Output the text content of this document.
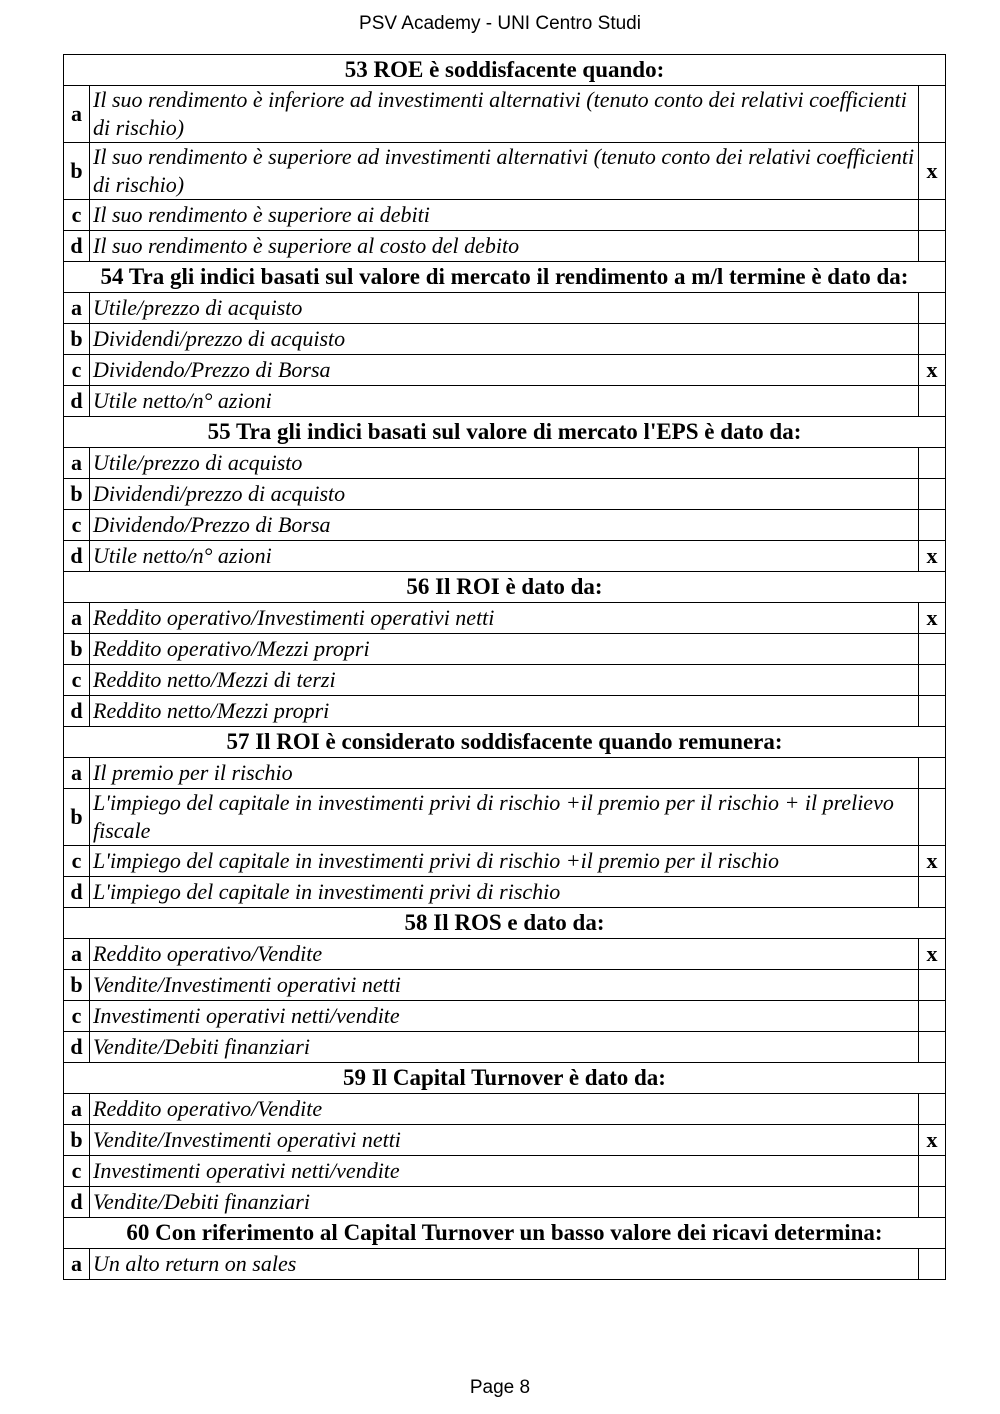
PSV Academy - UNI Centro Studi
53 ROE è soddisfacente quando:		
a	Il suo rendimento è inferiore ad investimenti alternativi (tenuto conto dei relativi coefficienti di rischio)	
b	Il suo rendimento è superiore ad investimenti alternativi (tenuto conto dei relativi coefficienti di rischio)	x
c	Il suo rendimento è superiore ai debiti	
d	Il suo rendimento è superiore al costo del debito	
54 Tra gli indici basati sul valore di mercato il rendimento a m/l termine è dato da:		
a	Utile/prezzo di acquisto	
b	Dividendi/prezzo di acquisto	
c	Dividendo/Prezzo di Borsa	x
d	Utile netto/n° azioni	
55 Tra gli indici basati sul valore di mercato l'EPS è dato da:		
a	Utile/prezzo di acquisto	
b	Dividendi/prezzo di acquisto	
c	Dividendo/Prezzo di Borsa	
d	Utile netto/n° azioni	x
56 Il ROI è dato da:		
a	Reddito operativo/Investimenti operativi netti	x
b	Reddito operativo/Mezzi propri	
c	Reddito netto/Mezzi di terzi	
d	Reddito netto/Mezzi propri	
57 Il ROI è considerato soddisfacente quando remunera:		
a	Il premio per il rischio	
b	L'impiego del capitale in investimenti privi di rischio +il premio per il rischio + il prelievo fiscale	
c	L'impiego del capitale in investimenti privi di rischio +il premio per il rischio	x
d	L'impiego del capitale in investimenti privi di rischio	
58 Il ROS e dato da:		
a	Reddito operativo/Vendite	x
b	Vendite/Investimenti operativi netti	
c	Investimenti operativi netti/vendite	
d	Vendite/Debiti finanziari	
59 Il Capital Turnover è dato da:		
a	Reddito operativo/Vendite	
b	Vendite/Investimenti operativi netti	x
c	Investimenti operativi netti/vendite	
d	Vendite/Debiti finanziari	
60 Con riferimento al Capital Turnover un basso valore dei ricavi determina:		
a	Un alto return on sales	
Page 8
